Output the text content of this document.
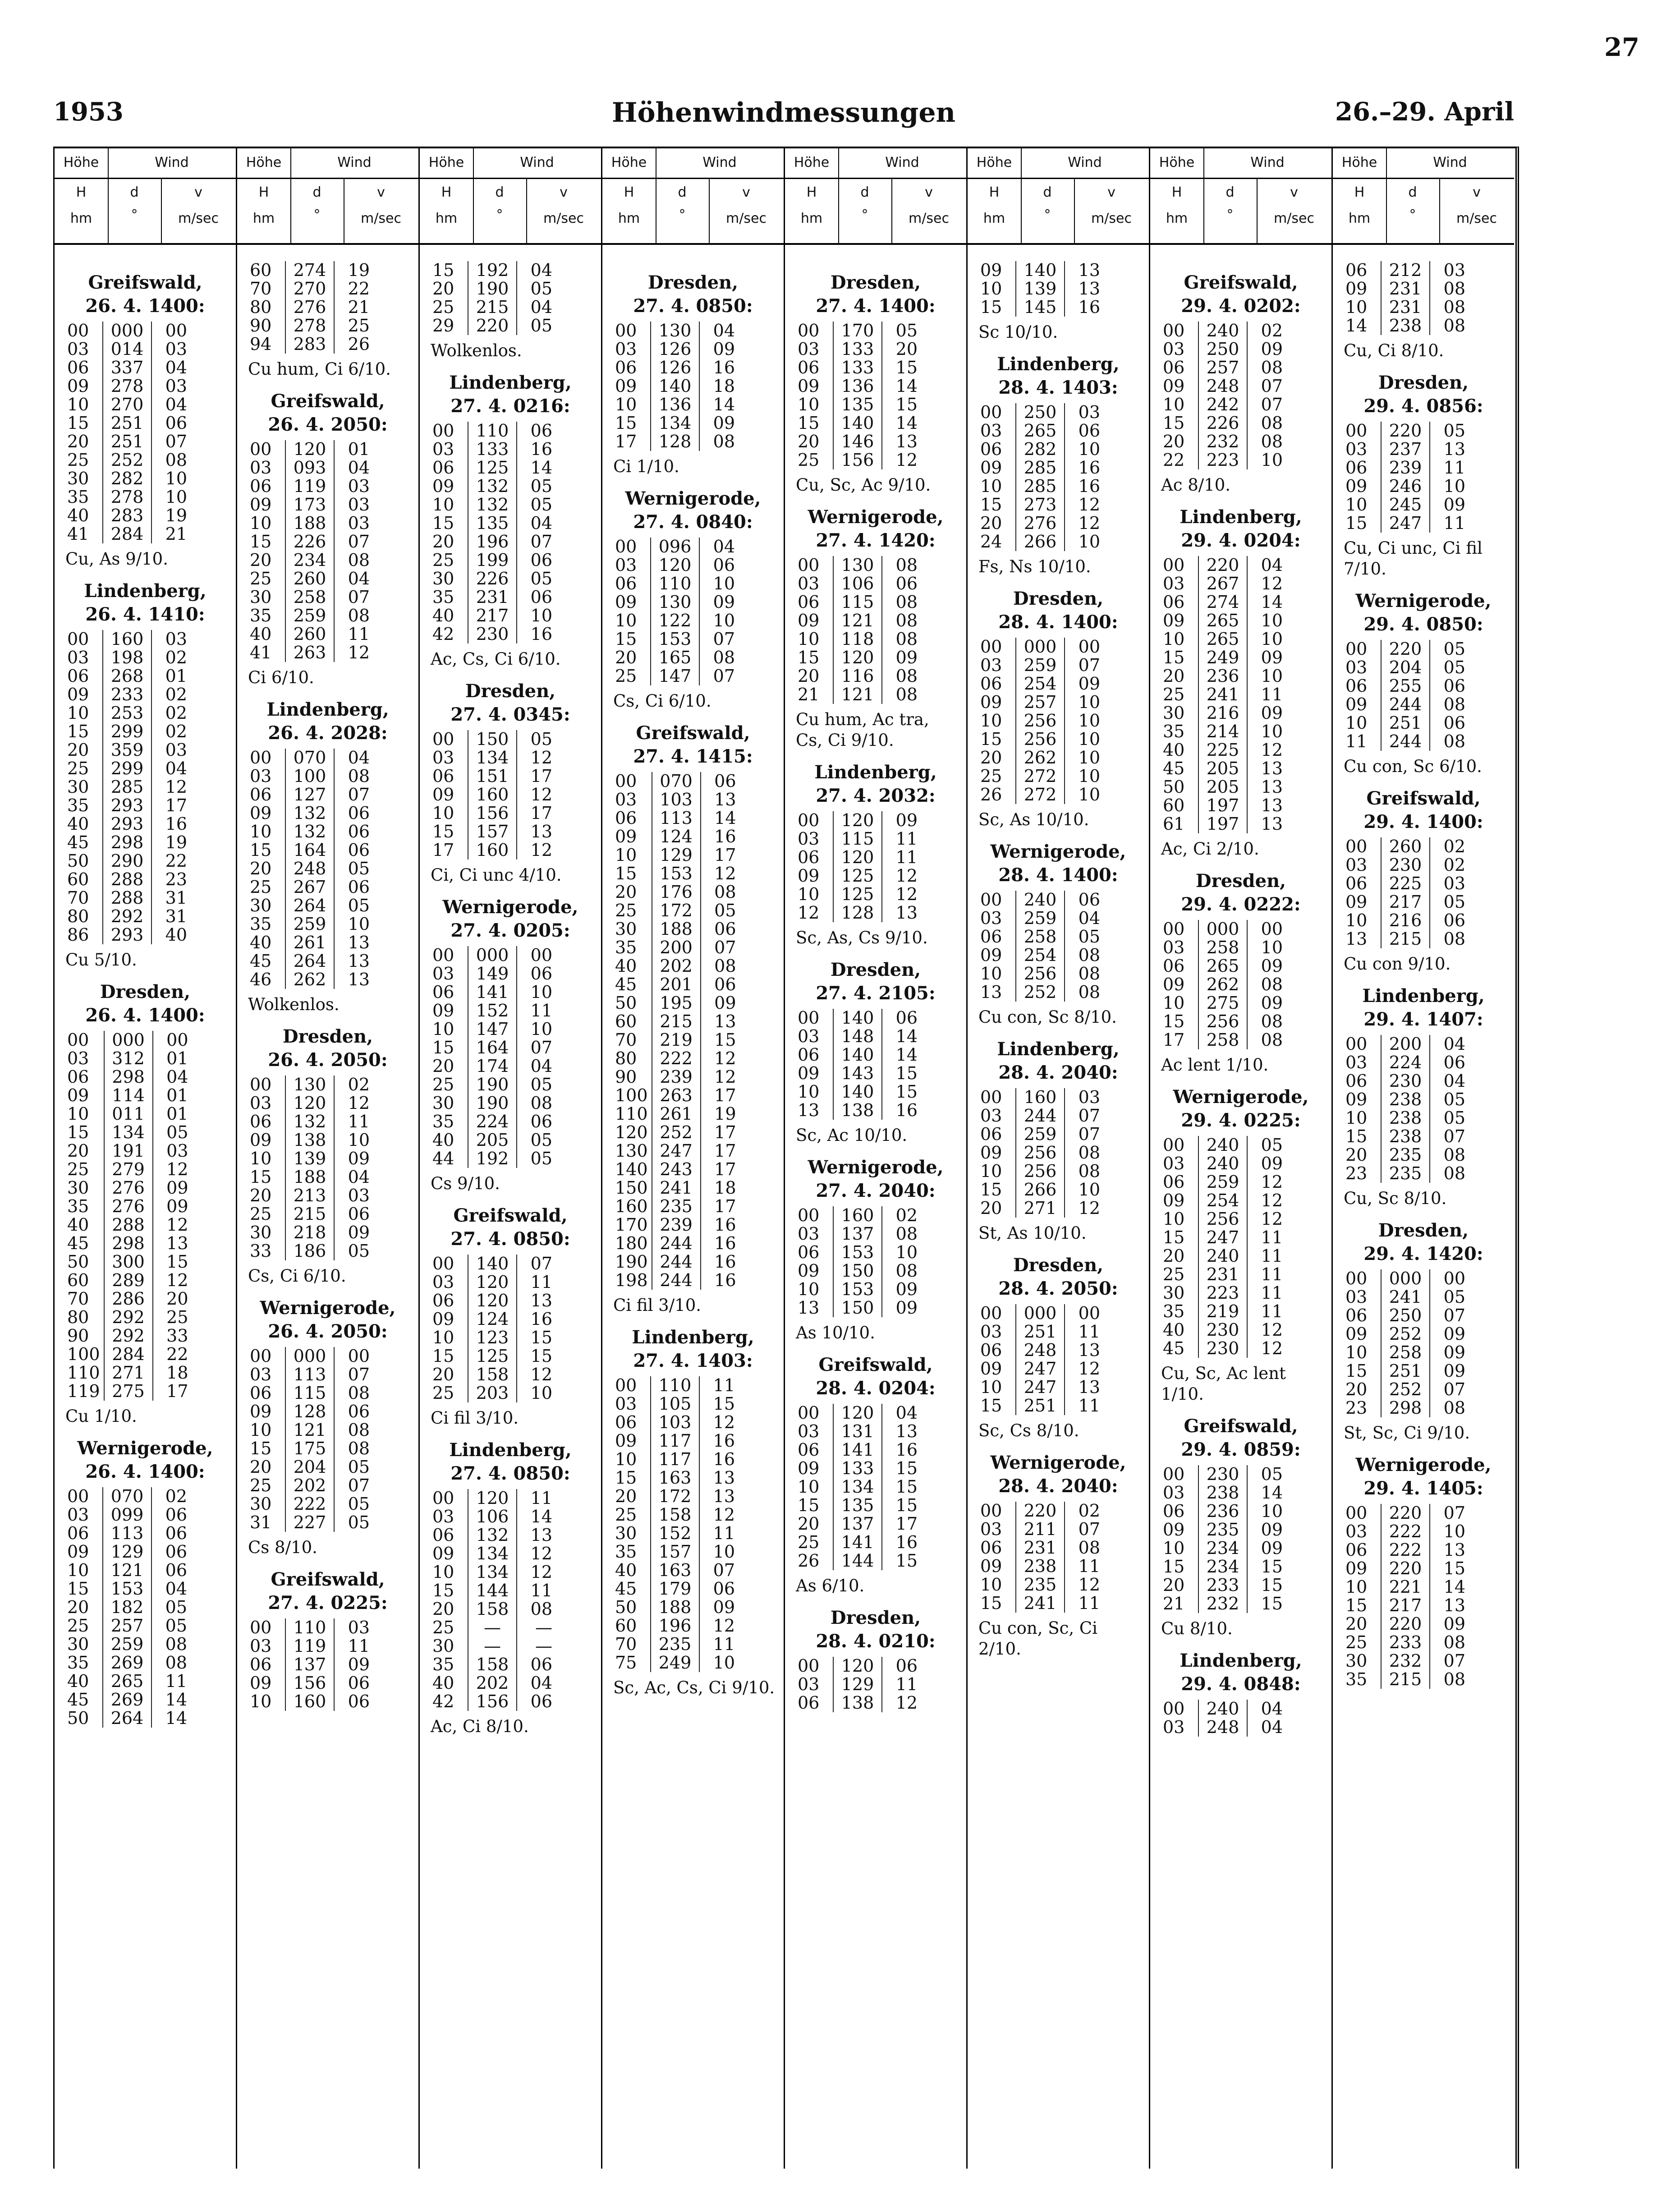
27
1953	Höhenwindmessungen	26.–29. April
Höhe	Wind
H
hm
d
°
v
m/sec
Greifswald,
26. 4. 1400:
00	000	00
03	014	03
06	337	04
09	278	03
10	270	04
15	251	06
20	251	07
25	252	08
30	282	10
35	278	10
40	283	19
41	284	21
Cu, As 9/10.
Lindenberg,
26. 4. 1410:
00	160	03
03	198	02
06	268	01
09	233	02
10	253	02
15	299	02
20	359	03
25	299	04
30	285	12
35	293	17
40	293	16
45	298	19
50	290	22
60	288	23
70	288	31
80	292	31
86	293	40
Cu 5/10.
Dresden,
26. 4. 1400:
00	000	00
03	312	01
06	298	04
09	114	01
10	011	01
15	134	05
20	191	03
25	279	12
30	276	09
35	276	09
40	288	12
45	298	13
50	300	15
60	289	12
70	286	20
80	292	25
90	292	33
100	284	22
110	271	18
119	275	17
Cu 1/10.
Wernigerode,
26. 4. 1400:
00	070	02
03	099	06
06	113	06
09	129	06
10	121	06
15	153	04
20	182	05
25	257	05
30	259	08
35	269	08
40	265	11
45	269	14
50	264	14
Höhe	Wind
H
hm
d
°
v
m/sec
60	274	19
70	270	22
80	276	21
90	278	25
94	283	26
Cu hum, Ci 6/10.
Greifswald,
26. 4. 2050:
00	120	01
03	093	04
06	119	03
09	173	03
10	188	03
15	226	07
20	234	08
25	260	04
30	258	07
35	259	08
40	260	11
41	263	12
Ci 6/10.
Lindenberg,
26. 4. 2028:
00	070	04
03	100	08
06	127	07
09	132	06
10	132	06
15	164	06
20	248	05
25	267	06
30	264	05
35	259	10
40	261	13
45	264	13
46	262	13
Wolkenlos.
Dresden,
26. 4. 2050:
00	130	02
03	120	12
06	132	11
09	138	10
10	139	09
15	188	04
20	213	03
25	215	06
30	218	09
33	186	05
Cs, Ci 6/10.
Wernigerode,
26. 4. 2050:
00	000	00
03	113	07
06	115	08
09	128	06
10	121	08
15	175	08
20	204	05
25	202	07
30	222	05
31	227	05
Cs 8/10.
Greifswald,
27. 4. 0225:
00	110	03
03	119	11
06	137	09
09	156	06
10	160	06
Höhe	Wind
H
hm
d
°
v
m/sec
15	192	04
20	190	05
25	215	04
29	220	05
Wolkenlos.
Lindenberg,
27. 4. 0216:
00	110	06
03	133	16
06	125	14
09	132	05
10	132	05
15	135	04
20	196	07
25	199	06
30	226	05
35	231	06
40	217	10
42	230	16
Ac, Cs, Ci 6/10.
Dresden,
27. 4. 0345:
00	150	05
03	134	12
06	151	17
09	160	12
10	156	17
15	157	13
17	160	12
Ci, Ci unc 4/10.
Wernigerode,
27. 4. 0205:
00	000	00
03	149	06
06	141	10
09	152	11
10	147	10
15	164	07
20	174	04
25	190	05
30	190	08
35	224	06
40	205	05
44	192	05
Cs 9/10.
Greifswald,
27. 4. 0850:
00	140	07
03	120	11
06	120	13
09	124	16
10	123	15
15	125	15
20	158	12
25	203	10
Ci fil 3/10.
Lindenberg,
27. 4. 0850:
00	120	11
03	106	14
06	132	13
09	134	12
10	134	12
15	144	11
20	158	08
25	—	—
30	—	—
35	158	06
40	202	04
42	156	06
Ac, Ci 8/10.
Höhe	Wind
H
hm
d
°
v
m/sec
Dresden,
27. 4. 0850:
00	130	04
03	126	09
06	126	16
09	140	18
10	136	14
15	134	09
17	128	08
Ci 1/10.
Wernigerode,
27. 4. 0840:
00	096	04
03	120	06
06	110	10
09	130	09
10	122	10
15	153	07
20	165	08
25	147	07
Cs, Ci 6/10.
Greifswald,
27. 4. 1415:
00	070	06
03	103	13
06	113	14
09	124	16
10	129	17
15	153	12
20	176	08
25	172	05
30	188	06
35	200	07
40	202	08
45	201	06
50	195	09
60	215	13
70	219	15
80	222	12
90	239	12
100	263	17
110	261	19
120	252	17
130	247	17
140	243	17
150	241	18
160	235	17
170	239	16
180	244	16
190	244	16
198	244	16
Ci fil 3/10.
Lindenberg,
27. 4. 1403:
00	110	11
03	105	15
06	103	12
09	117	16
10	117	16
15	163	13
20	172	13
25	158	12
30	152	11
35	157	10
40	163	07
45	179	06
50	188	09
60	196	12
70	235	11
75	249	10
Sc, Ac, Cs, Ci 9/10.
Höhe	Wind
H
hm
d
°
v
m/sec
Dresden,
27. 4. 1400:
00	170	05
03	133	20
06	133	15
09	136	14
10	135	15
15	140	14
20	146	13
25	156	12
Cu, Sc, Ac 9/10.
Wernigerode,
27. 4. 1420:
00	130	08
03	106	06
06	115	08
09	121	08
10	118	08
15	120	09
20	116	08
21	121	08
Cu hum, Ac tra, Cs, Ci 9/10.
Lindenberg,
27. 4. 2032:
00	120	09
03	115	11
06	120	11
09	125	12
10	125	12
12	128	13
Sc, As, Cs 9/10.
Dresden,
27. 4. 2105:
00	140	06
03	148	14
06	140	14
09	143	15
10	140	15
13	138	16
Sc, Ac 10/10.
Wernigerode,
27. 4. 2040:
00	160	02
03	137	08
06	153	10
09	150	08
10	153	09
13	150	09
As 10/10.
Greifswald,
28. 4. 0204:
00	120	04
03	131	13
06	141	16
09	133	15
10	134	15
15	135	15
20	137	17
25	141	16
26	144	15
As 6/10.
Dresden,
28. 4. 0210:
00	120	06
03	129	11
06	138	12
Höhe	Wind
H
hm
d
°
v
m/sec
09	140	13
10	139	13
15	145	16
Sc 10/10.
Lindenberg,
28. 4. 1403:
00	250	03
03	265	06
06	282	10
09	285	16
10	285	16
15	273	12
20	276	12
24	266	10
Fs, Ns 10/10.
Dresden,
28. 4. 1400:
00	000	00
03	259	07
06	254	09
09	257	10
10	256	10
15	256	10
20	262	10
25	272	10
26	272	10
Sc, As 10/10.
Wernigerode,
28. 4. 1400:
00	240	06
03	259	04
06	258	05
09	254	08
10	256	08
13	252	08
Cu con, Sc 8/10.
Lindenberg,
28. 4. 2040:
00	160	03
03	244	07
06	259	07
09	256	08
10	256	08
15	266	10
20	271	12
St, As 10/10.
Dresden,
28. 4. 2050:
00	000	00
03	251	11
06	248	13
09	247	12
10	247	13
15	251	11
Sc, Cs 8/10.
Wernigerode,
28. 4. 2040:
00	220	02
03	211	07
06	231	08
09	238	11
10	235	12
15	241	11
Cu con, Sc, Ci 2/10.
Höhe	Wind
H
hm
d
°
v
m/sec
Greifswald,
29. 4. 0202:
00	240	02
03	250	09
06	257	08
09	248	07
10	242	07
15	226	08
20	232	08
22	223	10
Ac 8/10.
Lindenberg,
29. 4. 0204:
00	220	04
03	267	12
06	274	14
09	265	10
10	265	10
15	249	09
20	236	10
25	241	11
30	216	09
35	214	10
40	225	12
45	205	13
50	205	13
60	197	13
61	197	13
Ac, Ci 2/10.
Dresden,
29. 4. 0222:
00	000	00
03	258	10
06	265	09
09	262	08
10	275	09
15	256	08
17	258	08
Ac lent 1/10.
Wernigerode,
29. 4. 0225:
00	240	05
03	240	09
06	259	12
09	254	12
10	256	12
15	247	11
20	240	11
25	231	11
30	223	11
35	219	11
40	230	12
45	230	12
Cu, Sc, Ac lent 1/10.
Greifswald,
29. 4. 0859:
00	230	05
03	238	14
06	236	10
09	235	09
10	234	09
15	234	15
20	233	15
21	232	15
Cu 8/10.
Lindenberg,
29. 4. 0848:
00	240	04
03	248	04
Höhe	Wind
H
hm
d
°
v
m/sec
06	212	03
09	231	08
10	231	08
14	238	08
Cu, Ci 8/10.
Dresden,
29. 4. 0856:
00	220	05
03	237	13
06	239	11
09	246	10
10	245	09
15	247	11
Cu, Ci unc, Ci fil 7/10.
Wernigerode,
29. 4. 0850:
00	220	05
03	204	05
06	255	06
09	244	08
10	251	06
11	244	08
Cu con, Sc 6/10.
Greifswald,
29. 4. 1400:
00	260	02
03	230	02
06	225	03
09	217	05
10	216	06
13	215	08
Cu con 9/10.
Lindenberg,
29. 4. 1407:
00	200	04
03	224	06
06	230	04
09	238	05
10	238	05
15	238	07
20	235	08
23	235	08
Cu, Sc 8/10.
Dresden,
29. 4. 1420:
00	000	00
03	241	05
06	250	07
09	252	09
10	258	09
15	251	09
20	252	07
23	298	08
St, Sc, Ci 9/10.
Wernigerode,
29. 4. 1405:
00	220	07
03	222	10
06	222	13
09	220	15
10	221	14
15	217	13
20	220	09
25	233	08
30	232	07
35	215	08
